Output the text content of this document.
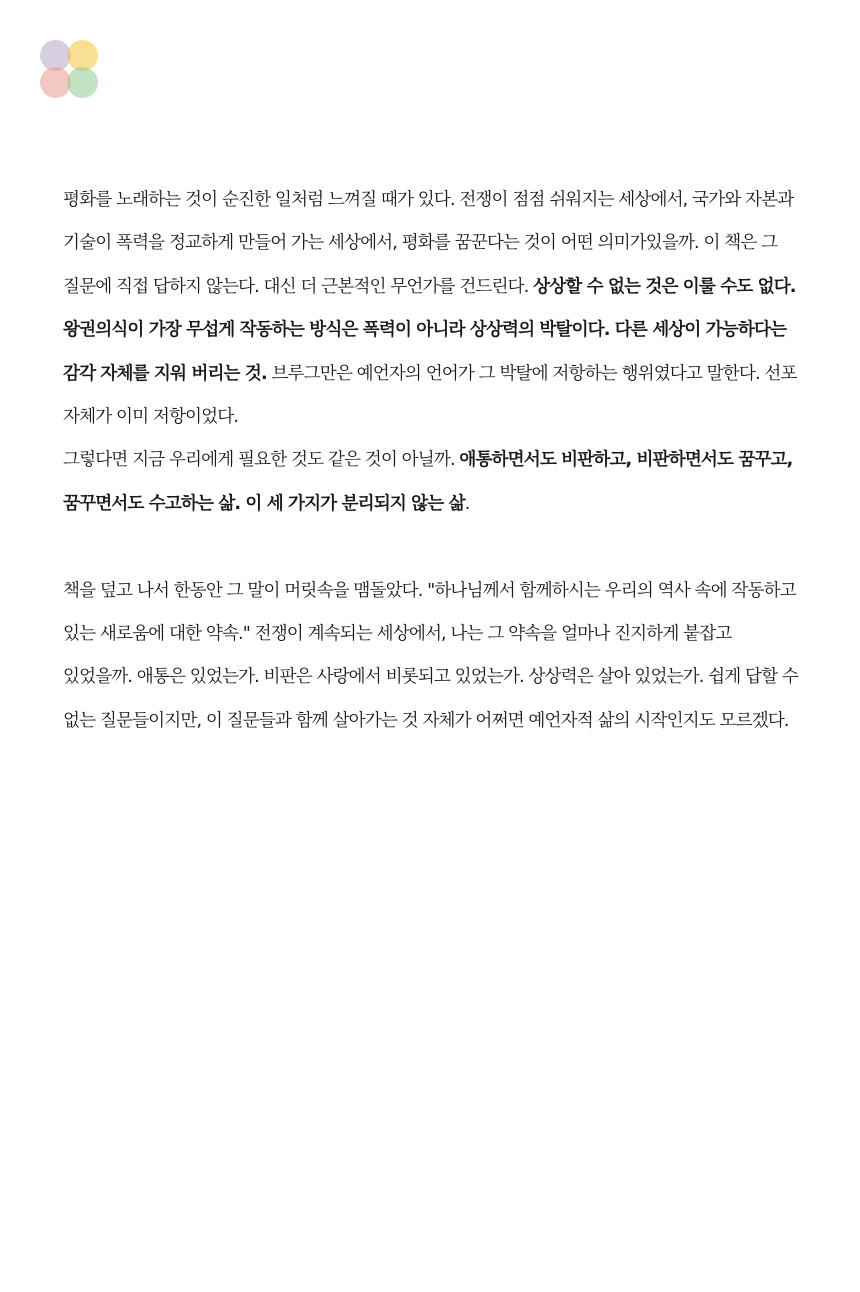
평화를 노래하는 것이 순진한 일처럼 느껴질 때가 있다. 전쟁이 점점 쉬워지는 세상에서, 국가와 자본과 기술이 폭력을 정교하게 만들어 가는 세상에서, 평화를 꿈꾼다는 것이 어떤 의미가있을까. 이 책은 그 질문에 직접 답하지 않는다. 대신 더 근본적인 무언가를 건드린다. 상상할 수 없는 것은 이룰 수도 없다. 왕권의식이 가장 무섭게 작동하는 방식은 폭력이 아니라 상상력의 박탈이다. 다른 세상이 가능하다는 감각 자체를 지워 버리는 것. 브루그만은 예언자의 언어가 그 박탈에 저항하는 행위였다고 말한다. 선포 자체가 이미 저항이었다.

그렇다면 지금 우리에게 필요한 것도 같은 것이 아닐까. 애통하면서도 비판하고, 비판하면서도 꿈꾸고, 꿈꾸면서도 수고하는 삶. 이 세 가지가 분리되지 않는 삶.

책을 덮고 나서 한동안 그 말이 머릿속을 맴돌았다. "하나님께서 함께하시는 우리의 역사 속에 작동하고 있는 새로움에 대한 약속." 전쟁이 계속되는 세상에서, 나는 그 약속을 얼마나 진지하게 붙잡고 있었을까. 애통은 있었는가. 비판은 사랑에서 비롯되고 있었는가. 상상력은 살아 있었는가. 쉽게 답할 수 없는 질문들이지만, 이 질문들과 함께 살아가는 것 자체가 어쩌면 예언자적 삶의 시작인지도 모르겠다.
